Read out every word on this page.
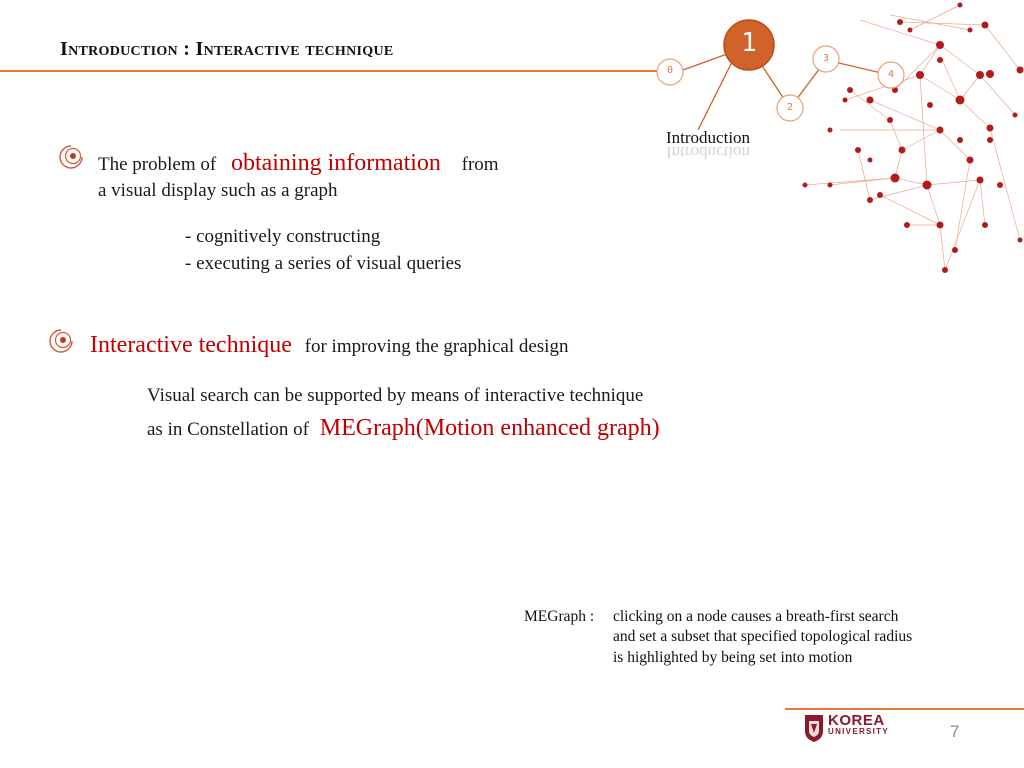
Introduction : Interactive technique	1
0
2
3
4
Introduction
Introduction
The problem of obtaining information from
a visual display such as a graph
- cognitively constructing
- executing a series of visual queries
Interactive technique for improving the graphical design
Visual search can be supported by means of interactive technique
as in Constellation of MEGraph(Motion enhanced graph)
MEGraph : clicking on a node causes a breath-first search
and set a subset that specified topological radius
is highlighted by being set into motion
KOREA
UNIVERSITY	7
